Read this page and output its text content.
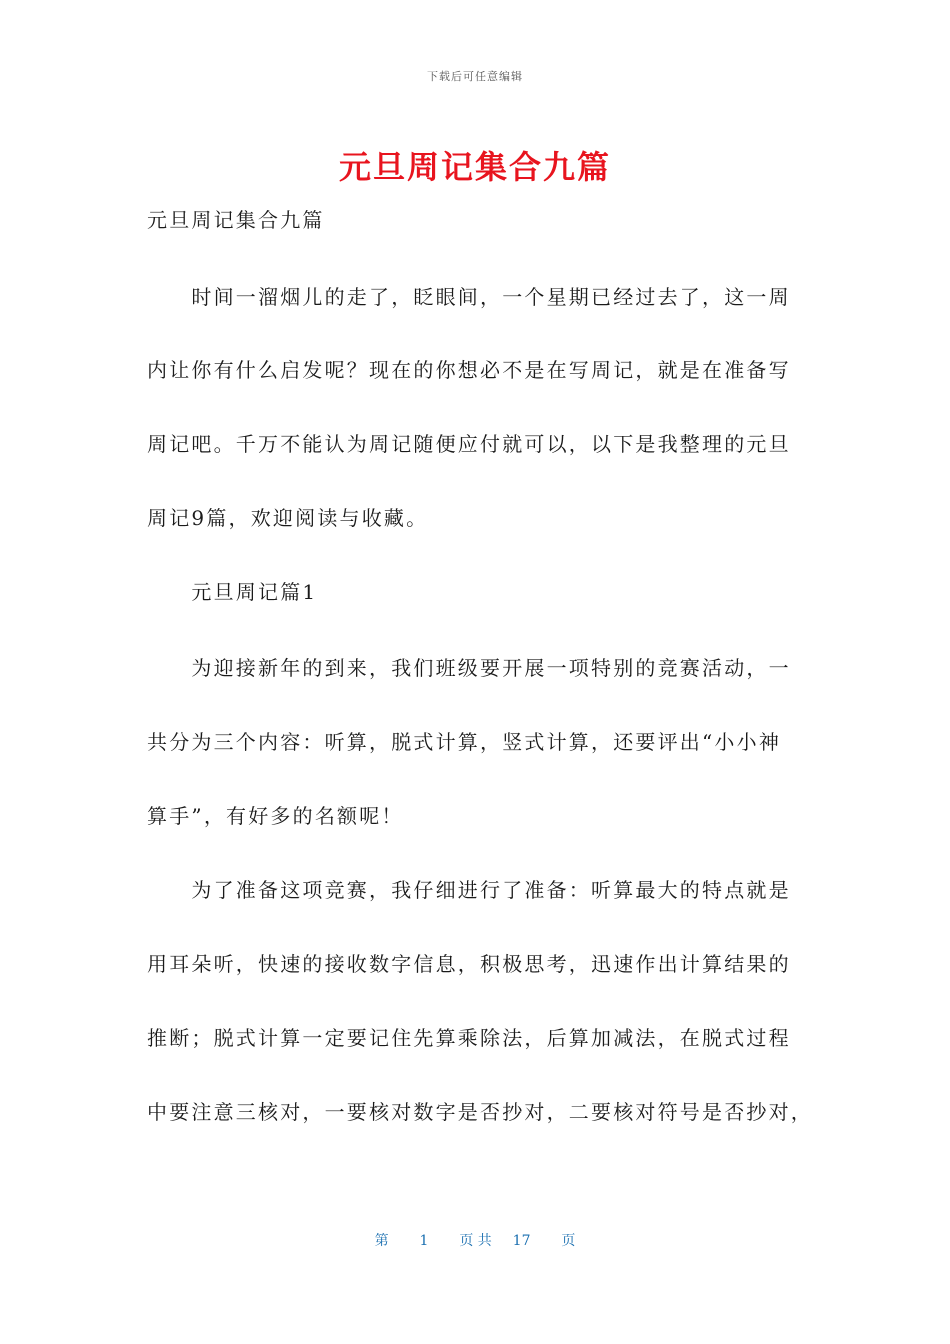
下载后可任意编辑
元旦周记集合九篇
元旦周记集合九篇
　　时间一溜烟儿的走了，眨眼间，一个星期已经过去了，这一周
内让你有什么启发呢？现在的你想必不是在写周记，就是在准备写
周记吧。千万不能认为周记随便应付就可以，以下是我整理的元旦
周记9篇，欢迎阅读与收藏。
　　元旦周记篇1
　　为迎接新年的到来，我们班级要开展一项特别的竞赛活动，一
共分为三个内容：听算，脱式计算，竖式计算，还要评出“小小神
算手”，有好多的名额呢！
　　为了准备这项竞赛，我仔细进行了准备：听算最大的特点就是
用耳朵听，快速的接收数字信息，积极思考，迅速作出计算结果的
推断；脱式计算一定要记住先算乘除法，后算加减法，在脱式过程
中要注意三核对，一要核对数字是否抄对，二要核对符号是否抄对，
第 1 页 共 17 页
